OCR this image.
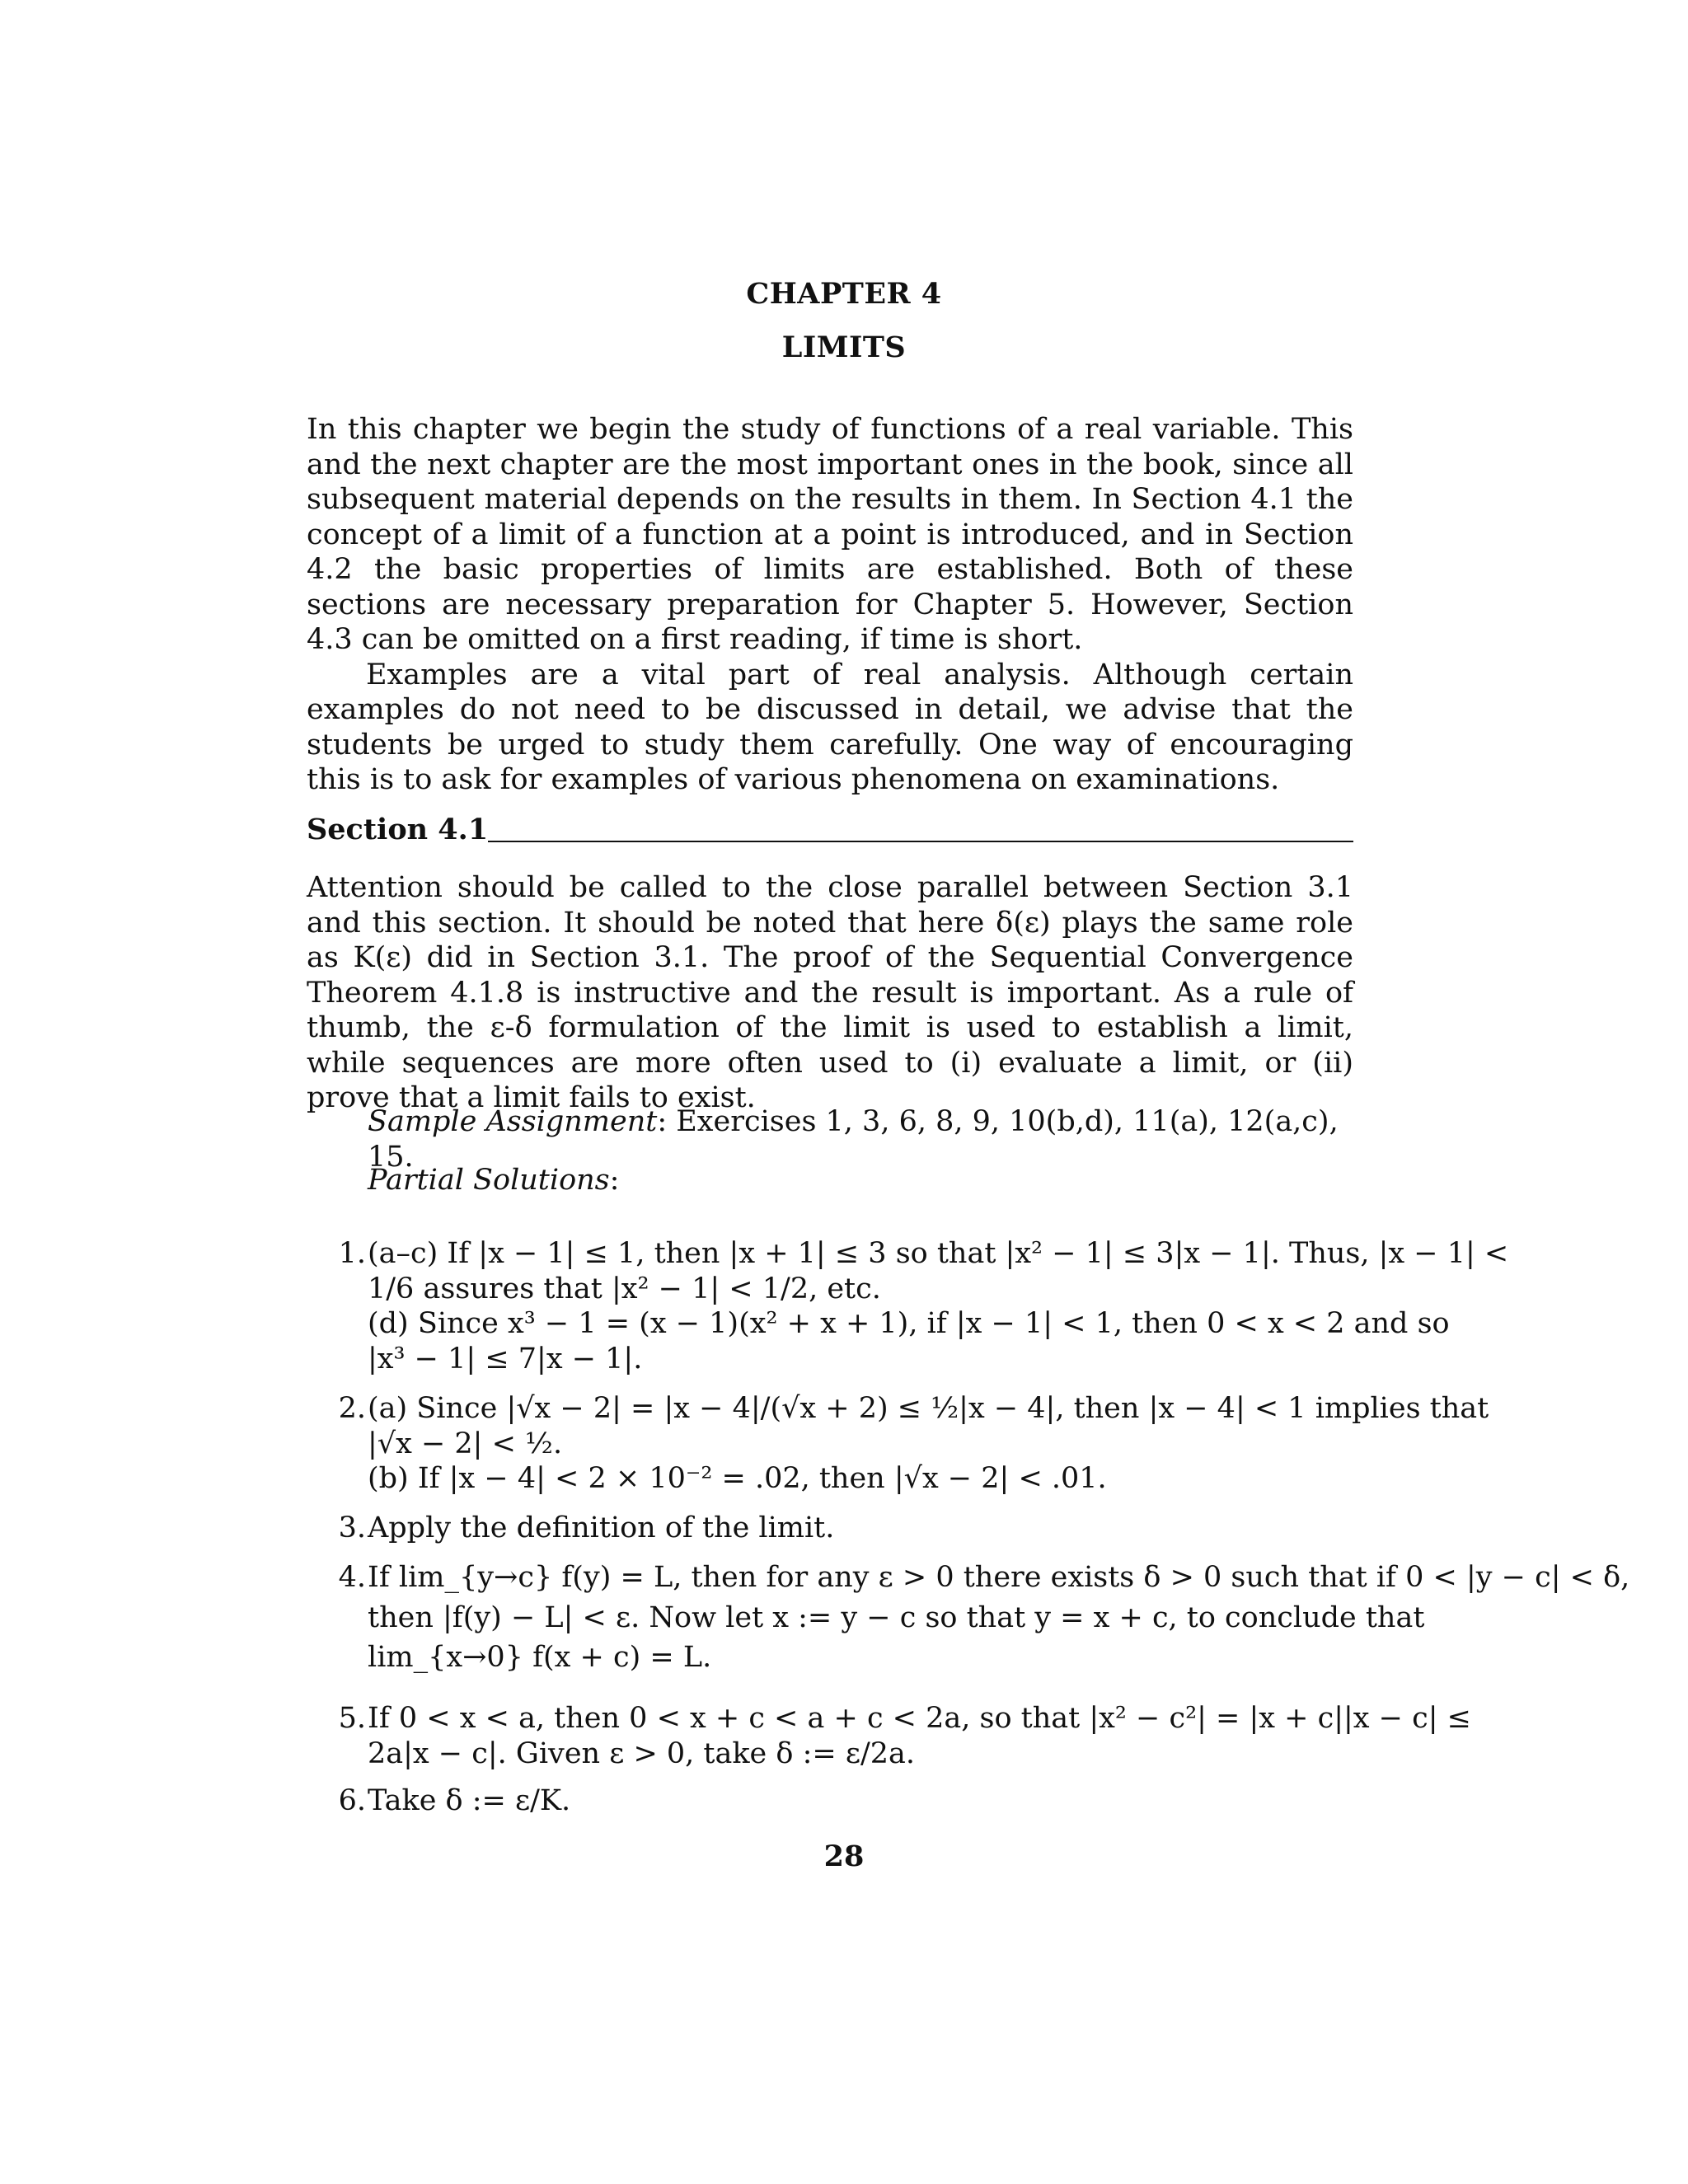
CHAPTER 4
LIMITS

In this chapter we begin the study of functions of a real variable. This and the next chapter are the most important ones in the book, since all subsequent material depends on the results in them. In Section 4.1 the concept of a limit of a function at a point is introduced, and in Section 4.2 the basic properties of limits are established. Both of these sections are necessary preparation for Chapter 5. However, Section 4.3 can be omitted on a first reading, if time is short.

Examples are a vital part of real analysis. Although certain examples do not need to be discussed in detail, we advise that the students be urged to study them carefully. One way of encouraging this is to ask for examples of various phenomena on examinations.

Section 4.1

Attention should be called to the close parallel between Section 3.1 and this section. It should be noted that here δ(ε) plays the same role as K(ε) did in Section 3.1. The proof of the Sequential Convergence Theorem 4.1.8 is instructive and the result is important. As a rule of thumb, the ε-δ formulation of the limit is used to establish a limit, while sequences are more often used to (i) evaluate a limit, or (ii) prove that a limit fails to exist.

Sample Assignment: Exercises 1, 3, 6, 8, 9, 10(b,d), 11(a), 12(a,c), 15.
Partial Solutions:
1. (a–c) If |x − 1| ≤ 1, then |x + 1| ≤ 3 so that |x² − 1| ≤ 3|x − 1|. Thus, |x − 1| <
1/6 assures that |x² − 1| < 1/2, etc.
(d) Since x³ − 1 = (x − 1)(x² + x + 1), if |x − 1| < 1, then 0 < x < 2 and so
|x³ − 1| ≤ 7|x − 1|.
2. (a) Since |√x − 2| = |x − 4|/(√x + 2) ≤ ½|x − 4|, then |x − 4| < 1 implies that
|√x − 2| < ½.
(b) If |x − 4| < 2 × 10⁻² = .02, then |√x − 2| < .01.
3. Apply the definition of the limit.
4. If lim_{y→c} f(y) = L, then for any ε > 0 there exists δ > 0 such that if 0 < |y − c| < δ,
then |f(y) − L| < ε. Now let x := y − c so that y = x + c, to conclude that
lim_{x→0} f(x + c) = L.
5. If 0 < x < a, then 0 < x + c < a + c < 2a, so that |x² − c²| = |x + c||x − c| ≤
2a|x − c|. Given ε > 0, take δ := ε/2a.
6. Take δ := ε/K.
28
